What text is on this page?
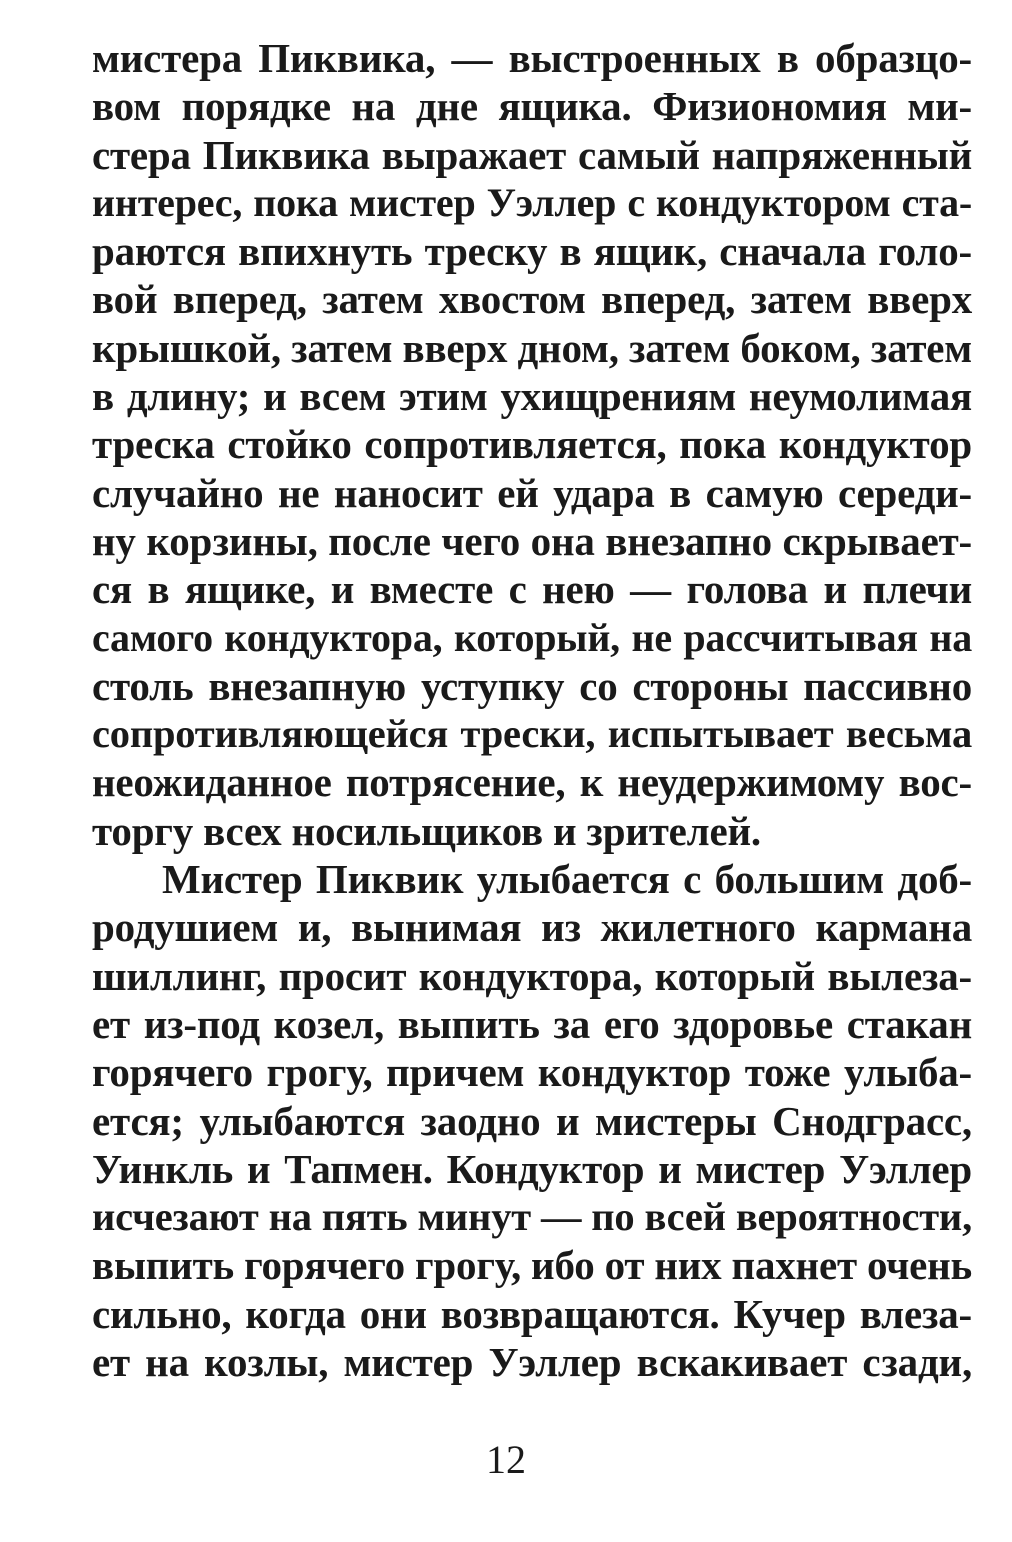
мистера Пиквика, — выстроенных в образцо-
вом порядке на дне ящика. Физиономия ми-
стера Пиквика выражает самый напряженный
интерес, пока мистер Уэллер с кондуктором ста-
раются впихнуть треску в ящик, сначала голо-
вой вперед, затем хвостом вперед, затем вверх
крышкой, затем вверх дном, затем боком, затем
в длину; и всем этим ухищрениям неумолимая
треска стойко сопротивляется, пока кондуктор
случайно не наносит ей удара в самую середи-
ну корзины, после чего она внезапно скрывает-
ся в ящике, и вместе с нею — голова и плечи
самого кондуктора, который, не рассчитывая на
столь внезапную уступку со стороны пассивно
сопротивляющейся трески, испытывает весьма
неожиданное потрясение, к неудержимому вос-
торгу всех носильщиков и зрителей.
Мистер Пиквик улыбается с большим доб-
родушием и, вынимая из жилетного кармана
шиллинг, просит кондуктора, который вылеза-
ет из-под козел, выпить за его здоровье стакан
горячего грогу, причем кондуктор тоже улыба-
ется; улыбаются заодно и мистеры Снодграсс,
Уинкль и Тапмен. Кондуктор и мистер Уэллер
исчезают на пять минут — по всей вероятности,
выпить горячего грогу, ибо от них пахнет очень
сильно, когда они возвращаются. Кучер влеза-
ет на козлы, мистер Уэллер вскакивает сзади,
12
